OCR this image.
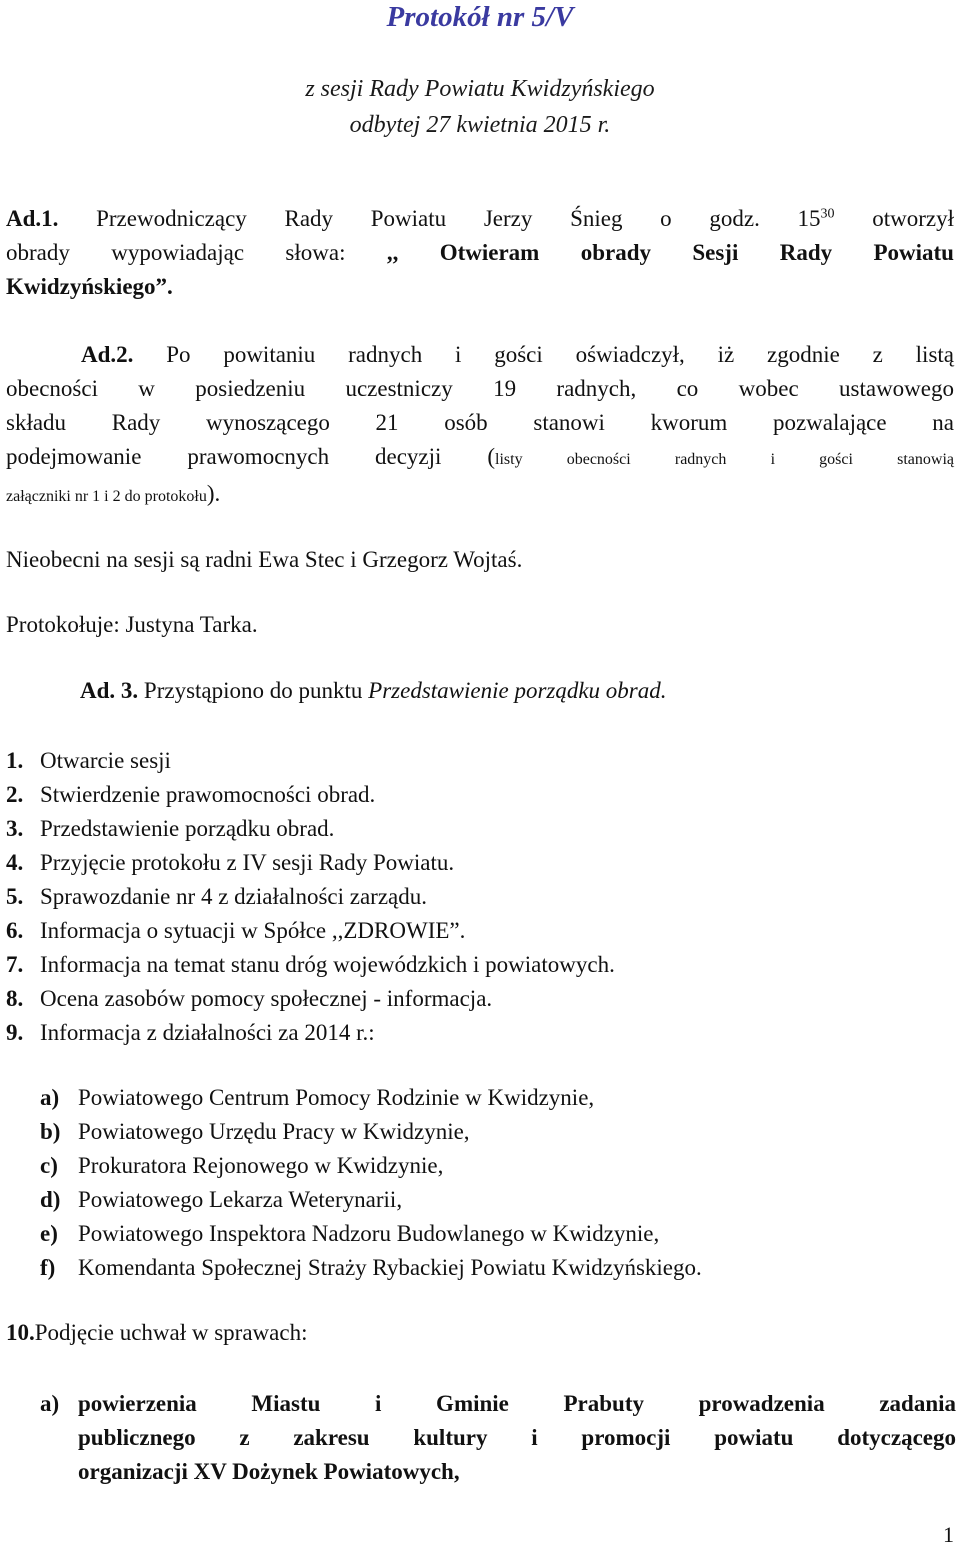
Protokół nr 5/V
z sesji Rady Powiatu Kwidzyńskiego
odbytej 27 kwietnia 2015 r.

Ad.1. Przewodniczący Rady Powiatu Jerzy Śnieg o godz. $15^{30}$ otworzył

obrady wypowiadając słowa: ,, Otwieram obrady Sesji Rady Powiatu

Kwidzyńskiego”.

Ad.2. Po powitaniu radnych i gości oświadczył, iż zgodnie z listą

obecności w posiedzeniu uczestniczy 19 radnych, co wobec ustawowego

składu Rady wynoszącego 21 osób stanowi kworum pozwalające na

podejmowanie prawomocnych decyzji (listy obecności radnych i gości stanowią

załączniki nr 1 i 2 do protokołu).

Nieobecni na sesji są radni Ewa Stec i Grzegorz Wojtaś.
Protokołuje: Justyna Tarka.
Ad. 3. Przystąpiono do punktu Przedstawienie porządku obrad.
1. Otwarcie sesji
2. Stwierdzenie prawomocności obrad.
3. Przedstawienie porządku obrad.
4. Przyjęcie protokołu z IV sesji Rady Powiatu.
5. Sprawozdanie nr 4 z działalności zarządu.
6. Informacja o sytuacji w Spółce ,,ZDROWIE”.
7. Informacja na temat stanu dróg wojewódzkich i powiatowych.
8. Ocena zasobów pomocy społecznej - informacja.
9. Informacja z działalności za 2014 r.:
a) Powiatowego Centrum Pomocy Rodzinie w Kwidzynie,
b) Powiatowego Urzędu Pracy w Kwidzynie,
c) Prokuratora Rejonowego w Kwidzynie,
d) Powiatowego Lekarza Weterynarii,
e) Powiatowego Inspektora Nadzoru Budowlanego w Kwidzynie,
f) Komendanta Społecznej Straży Rybackiej Powiatu Kwidzyńskiego.
10.Podjęcie uchwał w sprawach:
a) powierzenia Miastu i Gminie Prabuty prowadzenia zadania

publicznego z zakresu kultury i promocji powiatu dotyczącego

organizacji XV Dożynek Powiatowych,

1
